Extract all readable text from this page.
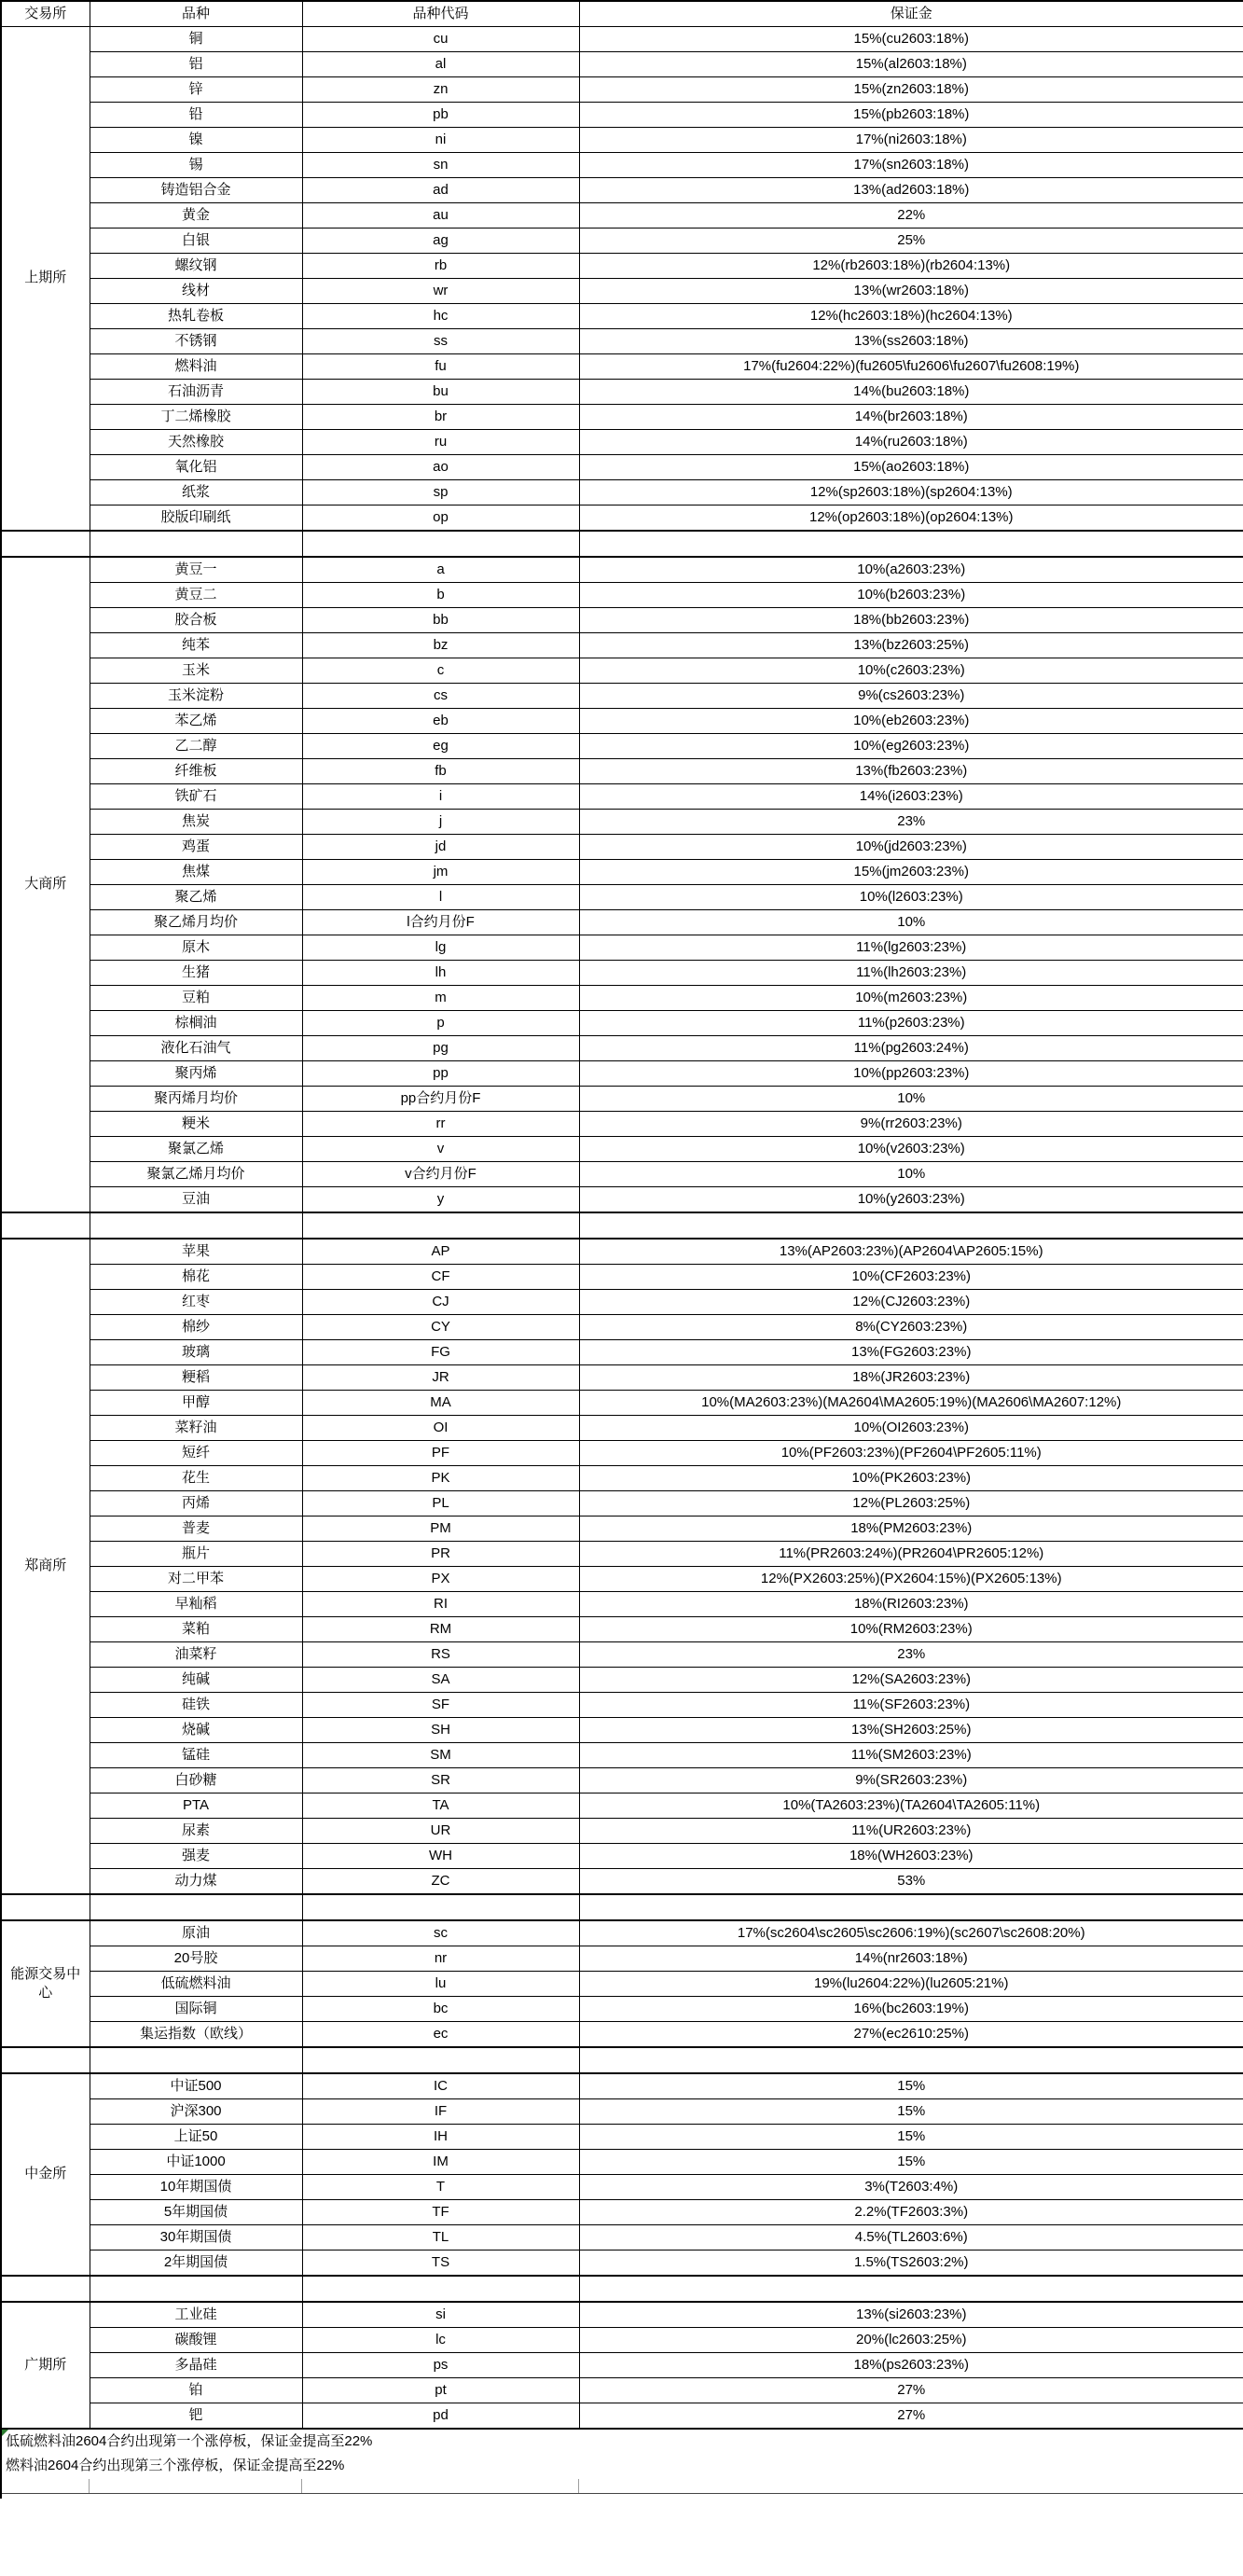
交易所	品种	品种代码	保证金
上期所	铜	cu	15%(cu2603:18%)
	铝	al	15%(al2603:18%)
	锌	zn	15%(zn2603:18%)
	铅	pb	15%(pb2603:18%)
	镍	ni	17%(ni2603:18%)
	锡	sn	17%(sn2603:18%)
	铸造铝合金	ad	13%(ad2603:18%)
	黄金	au	22%
	白银	ag	25%
	螺纹钢	rb	12%(rb2603:18%)(rb2604:13%)
	线材	wr	13%(wr2603:18%)
	热轧卷板	hc	12%(hc2603:18%)(hc2604:13%)
	不锈钢	ss	13%(ss2603:18%)
	燃料油	fu	17%(fu2604:22%)(fu2605\fu2606\fu2607\fu2608:19%)
	石油沥青	bu	14%(bu2603:18%)
	丁二烯橡胶	br	14%(br2603:18%)
	天然橡胶	ru	14%(ru2603:18%)
	氧化铝	ao	15%(ao2603:18%)
	纸浆	sp	12%(sp2603:18%)(sp2604:13%)
	胶版印刷纸	op	12%(op2603:18%)(op2604:13%)

大商所	黄豆一	a	10%(a2603:23%)
	黄豆二	b	10%(b2603:23%)
	胶合板	bb	18%(bb2603:23%)
	纯苯	bz	13%(bz2603:25%)
	玉米	c	10%(c2603:23%)
	玉米淀粉	cs	9%(cs2603:23%)
	苯乙烯	eb	10%(eb2603:23%)
	乙二醇	eg	10%(eg2603:23%)
	纤维板	fb	13%(fb2603:23%)
	铁矿石	i	14%(i2603:23%)
	焦炭	j	23%
	鸡蛋	jd	10%(jd2603:23%)
	焦煤	jm	15%(jm2603:23%)
	聚乙烯	l	10%(l2603:23%)
	聚乙烯月均价	l合约月份F	10%
	原木	lg	11%(lg2603:23%)
	生猪	lh	11%(lh2603:23%)
	豆粕	m	10%(m2603:23%)
	棕榈油	p	11%(p2603:23%)
	液化石油气	pg	11%(pg2603:24%)
	聚丙烯	pp	10%(pp2603:23%)
	聚丙烯月均价	pp合约月份F	10%
	粳米	rr	9%(rr2603:23%)
	聚氯乙烯	v	10%(v2603:23%)
	聚氯乙烯月均价	v合约月份F	10%
	豆油	y	10%(y2603:23%)

郑商所	苹果	AP	13%(AP2603:23%)(AP2604\AP2605:15%)
	棉花	CF	10%(CF2603:23%)
	红枣	CJ	12%(CJ2603:23%)
	棉纱	CY	8%(CY2603:23%)
	玻璃	FG	13%(FG2603:23%)
	粳稻	JR	18%(JR2603:23%)
	甲醇	MA	10%(MA2603:23%)(MA2604\MA2605:19%)(MA2606\MA2607:12%)
	菜籽油	OI	10%(OI2603:23%)
	短纤	PF	10%(PF2603:23%)(PF2604\PF2605:11%)
	花生	PK	10%(PK2603:23%)
	丙烯	PL	12%(PL2603:25%)
	普麦	PM	18%(PM2603:23%)
	瓶片	PR	11%(PR2603:24%)(PR2604\PR2605:12%)
	对二甲苯	PX	12%(PX2603:25%)(PX2604:15%)(PX2605:13%)
	早籼稻	RI	18%(RI2603:23%)
	菜粕	RM	10%(RM2603:23%)
	油菜籽	RS	23%
	纯碱	SA	12%(SA2603:23%)
	硅铁	SF	11%(SF2603:23%)
	烧碱	SH	13%(SH2603:25%)
	锰硅	SM	11%(SM2603:23%)
	白砂糖	SR	9%(SR2603:23%)
	PTA	TA	10%(TA2603:23%)(TA2604\TA2605:11%)
	尿素	UR	11%(UR2603:23%)
	强麦	WH	18%(WH2603:23%)
	动力煤	ZC	53%

能源交易中心	原油	sc	17%(sc2604\sc2605\sc2606:19%)(sc2607\sc2608:20%)
	20号胶	nr	14%(nr2603:18%)
	低硫燃料油	lu	19%(lu2604:22%)(lu2605:21%)
	国际铜	bc	16%(bc2603:19%)
	集运指数（欧线）	ec	27%(ec2610:25%)

中金所	中证500	IC	15%
	沪深300	IF	15%
	上证50	IH	15%
	中证1000	IM	15%
	10年期国债	T	3%(T2603:4%)
	5年期国债	TF	2.2%(TF2603:3%)
	30年期国债	TL	4.5%(TL2603:6%)
	2年期国债	TS	1.5%(TS2603:2%)

广期所	工业硅	si	13%(si2603:23%)
	碳酸锂	lc	20%(lc2603:25%)
	多晶硅	ps	18%(ps2603:23%)
	铂	pt	27%
	钯	pd	27%
低硫燃料油2604合约出现第一个涨停板，保证金提高至22%
燃料油2604合约出现第三个涨停板，保证金提高至22%
